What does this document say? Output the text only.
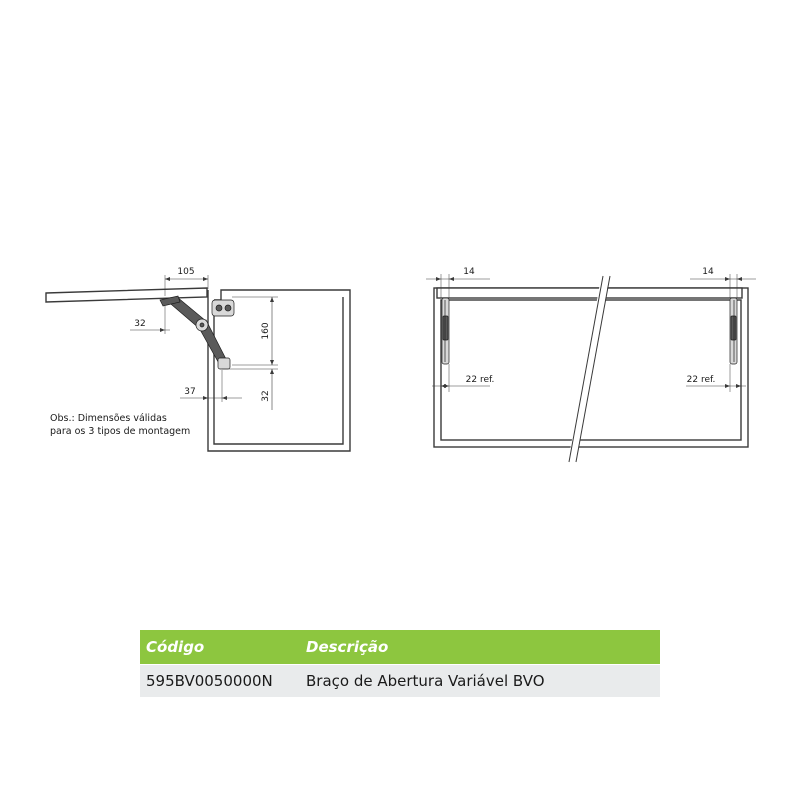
105
32	160
32
37
Obs.: Dimensões válidas
para os 3 tipos de montagem
14	14
22 ref.	22 ref.
Código	Descrição
595BV0050000N	Braço de Abertura Variável BVO
